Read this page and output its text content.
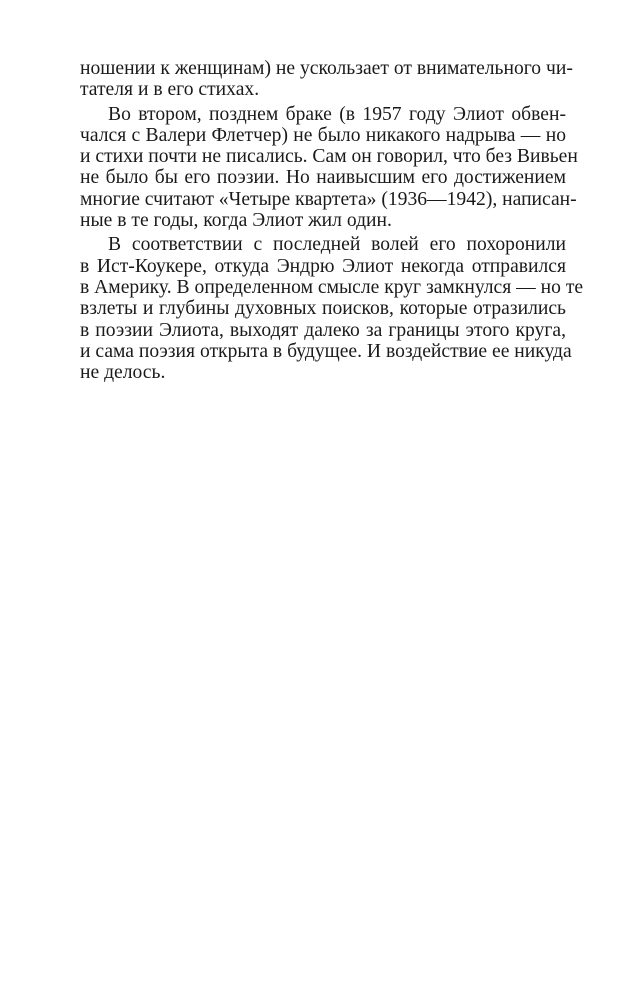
ношении к женщинам) не ускользает от внимательного чи-
тателя и в его стихах.

Во втором, позднем браке (в 1957 году Элиот обвен-
чался с Валери Флетчер) не было никакого надрыва — но
и стихи почти не писались. Сам он говорил, что без Вивьен
не было бы его поэзии. Но наивысшим его достижением
многие считают «Четыре квартета» (1936—1942), написан-
ные в те годы, когда Элиот жил один.

В соответствии с последней волей его похоронили
в Ист-Коукере, откуда Эндрю Элиот некогда отправился
в Америку. В определенном смысле круг замкнулся — но те
взлеты и глубины духовных поисков, которые отразились
в поэзии Элиота, выходят далеко за границы этого круга,
и сама поэзия открыта в будущее. И воздействие ее никуда
не делось.
